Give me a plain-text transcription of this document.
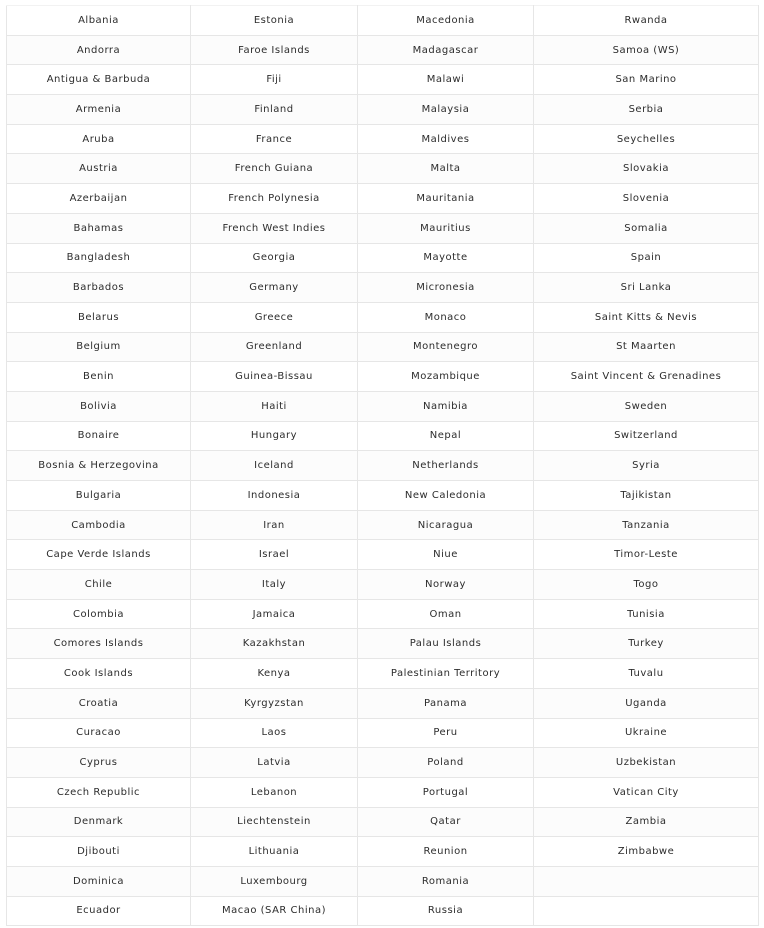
Albania	Estonia	Macedonia	Rwanda
Andorra	Faroe Islands	Madagascar	Samoa (WS)
Antigua & Barbuda	Fiji	Malawi	San Marino
Armenia	Finland	Malaysia	Serbia
Aruba	France	Maldives	Seychelles
Austria	French Guiana	Malta	Slovakia
Azerbaijan	French Polynesia	Mauritania	Slovenia
Bahamas	French West Indies	Mauritius	Somalia
Bangladesh	Georgia	Mayotte	Spain
Barbados	Germany	Micronesia	Sri Lanka
Belarus	Greece	Monaco	Saint Kitts & Nevis
Belgium	Greenland	Montenegro	St Maarten
Benin	Guinea-Bissau	Mozambique	Saint Vincent & Grenadines
Bolivia	Haiti	Namibia	Sweden
Bonaire	Hungary	Nepal	Switzerland
Bosnia & Herzegovina	Iceland	Netherlands	Syria
Bulgaria	Indonesia	New Caledonia	Tajikistan
Cambodia	Iran	Nicaragua	Tanzania
Cape Verde Islands	Israel	Niue	Timor-Leste
Chile	Italy	Norway	Togo
Colombia	Jamaica	Oman	Tunisia
Comores Islands	Kazakhstan	Palau Islands	Turkey
Cook Islands	Kenya	Palestinian Territory	Tuvalu
Croatia	Kyrgyzstan	Panama	Uganda
Curacao	Laos	Peru	Ukraine
Cyprus	Latvia	Poland	Uzbekistan
Czech Republic	Lebanon	Portugal	Vatican City
Denmark	Liechtenstein	Qatar	Zambia
Djibouti	Lithuania	Reunion	Zimbabwe
Dominica	Luxembourg	Romania	
Ecuador	Macao (SAR China)	Russia	
